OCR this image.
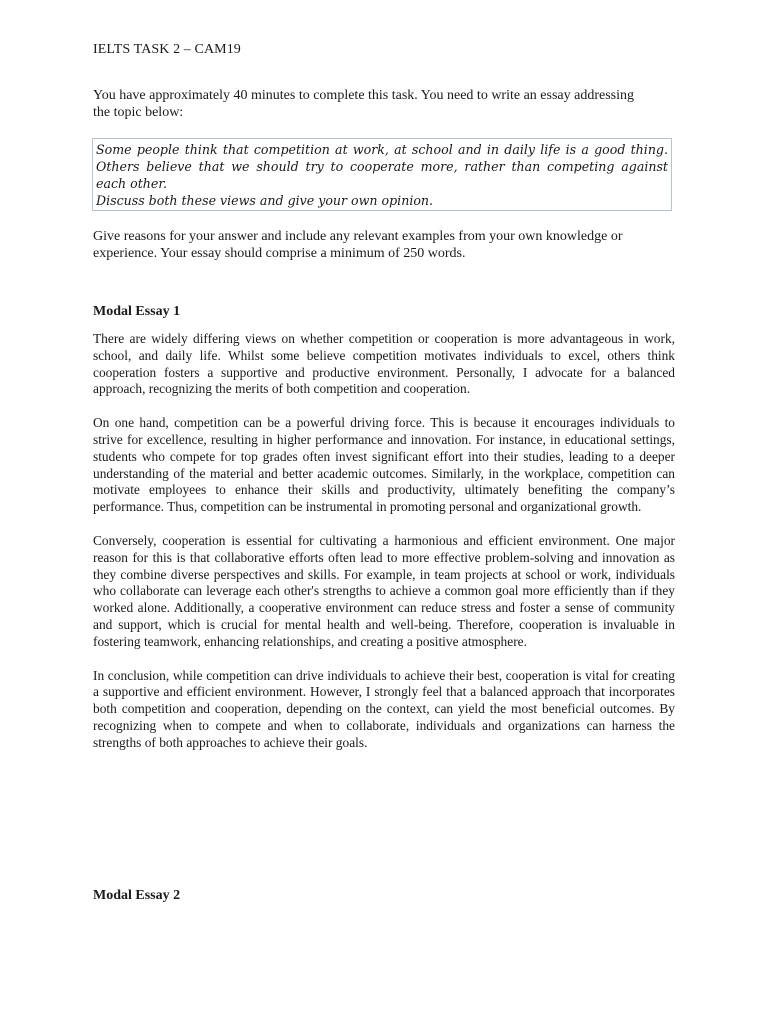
IELTS TASK 2 – CAM19
You have approximately 40 minutes to complete this task. You need to write an essay addressing the topic below:

Some people think that competition at work, at school and in daily life is a good thing. Others believe that we should try to cooperate more, rather than competing against each other.

Discuss both these views and give your own opinion.

Give reasons for your answer and include any relevant examples from your own knowledge or experience. Your essay should comprise a minimum of 250 words.
Modal Essay 1

There are widely differing views on whether competition or cooperation is more advantageous in work, school, and daily life. Whilst some believe competition motivates individuals to excel, others think cooperation fosters a supportive and productive environment. Personally, I advocate for a balanced approach, recognizing the merits of both competition and cooperation.

On one hand, competition can be a powerful driving force. This is because it encourages individuals to strive for excellence, resulting in higher performance and innovation. For instance, in educational settings, students who compete for top grades often invest significant effort into their studies, leading to a deeper understanding of the material and better academic outcomes. Similarly, in the workplace, competition can motivate employees to enhance their skills and productivity, ultimately benefiting the company’s performance. Thus, competition can be instrumental in promoting personal and organizational growth.

Conversely, cooperation is essential for cultivating a harmonious and efficient environment. One major reason for this is that collaborative efforts often lead to more effective problem-solving and innovation as they combine diverse perspectives and skills. For example, in team projects at school or work, individuals who collaborate can leverage each other's strengths to achieve a common goal more efficiently than if they worked alone. Additionally, a cooperative environment can reduce stress and foster a sense of community and support, which is crucial for mental health and well-being. Therefore, cooperation is invaluable in fostering teamwork, enhancing relationships, and creating a positive atmosphere.

In conclusion, while competition can drive individuals to achieve their best, cooperation is vital for creating a supportive and efficient environment. However, I strongly feel that a balanced approach that incorporates both competition and cooperation, depending on the context, can yield the most beneficial outcomes. By recognizing when to compete and when to collaborate, individuals and organizations can harness the strengths of both approaches to achieve their goals.

Modal Essay 2
